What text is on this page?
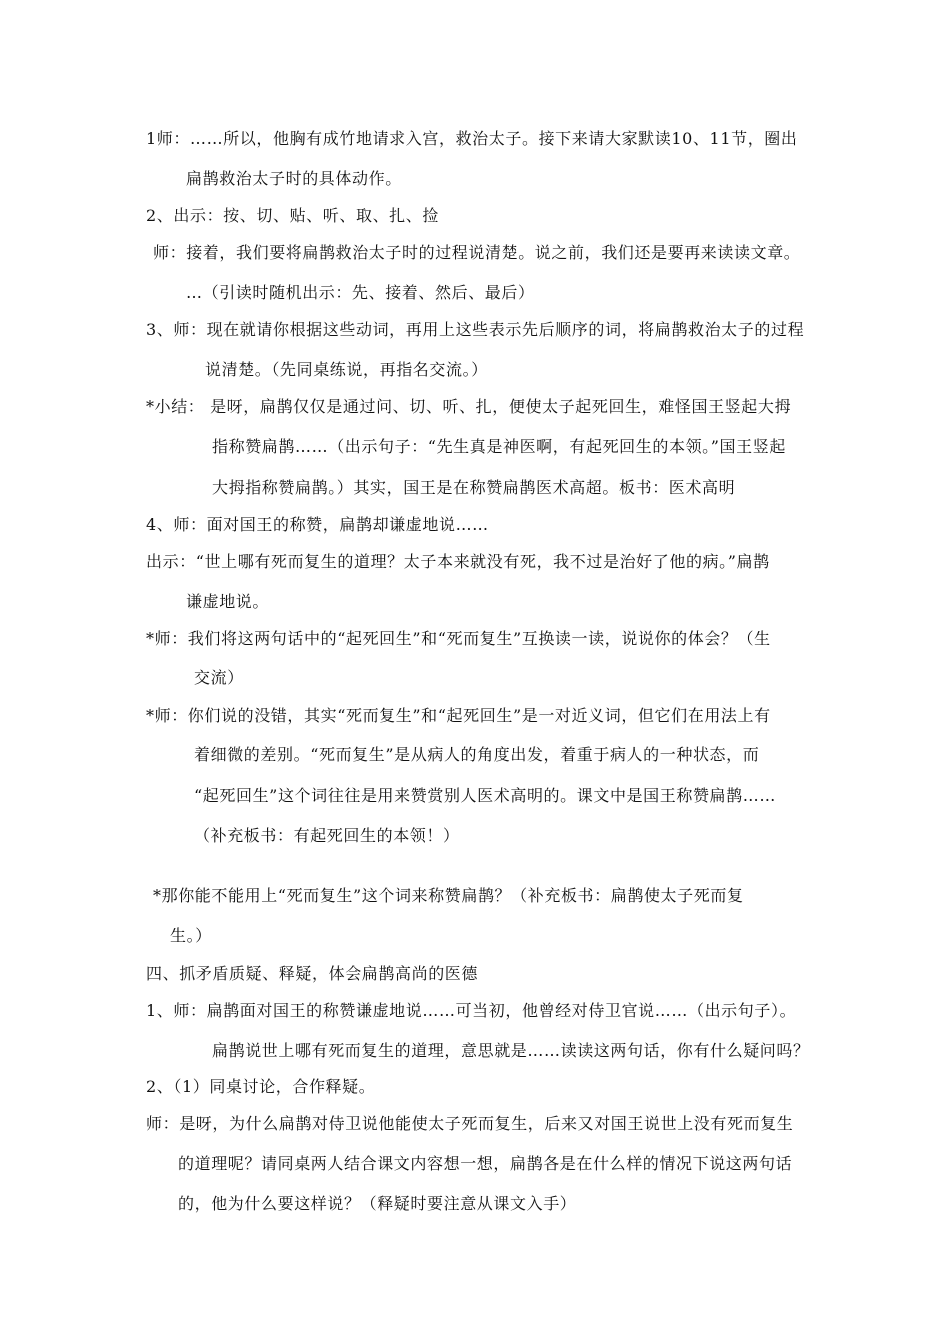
1师：……所以，他胸有成竹地请求入宫，救治太子。接下来请大家默读10、11节，圈出
扁鹊救治太子时的具体动作。
2、出示：按、切、贴、听、取、扎、捡
师：接着，我们要将扁鹊救治太子时的过程说清楚。说之前，我们还是要再来读读文章。
…（引读时随机出示：先、接着、然后、最后）
3、师：现在就请你根据这些动词，再用上这些表示先后顺序的词，将扁鹊救治太子的过程
说清楚。（先同桌练说，再指名交流。）
*小结： 是呀，扁鹊仅仅是通过问、切、听、扎，便使太子起死回生，难怪国王竖起大拇
指称赞扁鹊……（出示句子：“先生真是神医啊，有起死回生的本领。”国王竖起
大拇指称赞扁鹊。）其实，国王是在称赞扁鹊医术高超。板书：医术高明
4、师：面对国王的称赞，扁鹊却谦虚地说……
出示：“世上哪有死而复生的道理？太子本来就没有死，我不过是治好了他的病。”扁鹊
谦虚地说。
*师：我们将这两句话中的“起死回生”和“死而复生”互换读一读，说说你的体会？（生
交流）
*师：你们说的没错，其实“死而复生”和“起死回生”是一对近义词，但它们在用法上有
着细微的差别。“死而复生”是从病人的角度出发，着重于病人的一种状态，而
“起死回生”这个词往往是用来赞赏别人医术高明的。课文中是国王称赞扁鹊……
（补充板书：有起死回生的本领！）
*那你能不能用上“死而复生”这个词来称赞扁鹊？（补充板书：扁鹊使太子死而复
生。）
四、抓矛盾质疑、释疑，体会扁鹊高尚的医德
1、师：扁鹊面对国王的称赞谦虚地说……可当初，他曾经对侍卫官说……（出示句子）。
扁鹊说世上哪有死而复生的道理，意思就是……读读这两句话，你有什么疑问吗？
2、（1）同桌讨论，合作释疑。
师：是呀，为什么扁鹊对侍卫说他能使太子死而复生，后来又对国王说世上没有死而复生
的道理呢？请同桌两人结合课文内容想一想，扁鹊各是在什么样的情况下说这两句话
的，他为什么要这样说？（释疑时要注意从课文入手）
